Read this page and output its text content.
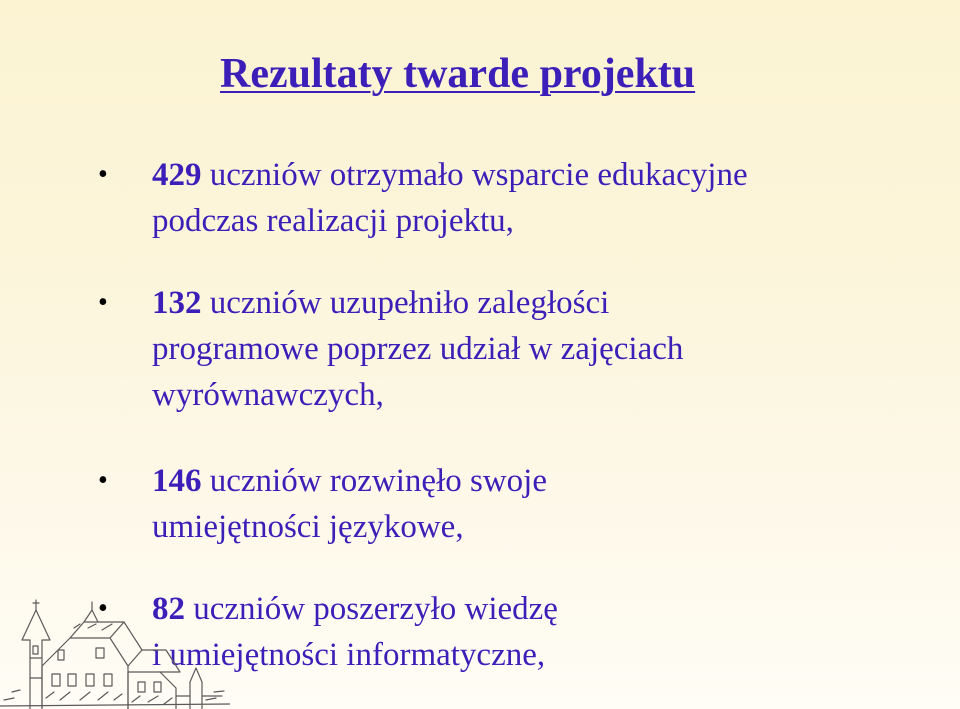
Rezultaty twarde projektu
• 429 uczniów otrzymało wsparcie edukacyjne
podczas realizacji projektu,
• 132 uczniów uzupełniło zaległości
programowe poprzez udział w zajęciach
wyrównawczych,
• 146 uczniów rozwinęło swoje
umiejętności językowe,
• 82 uczniów poszerzyło wiedzę
i umiejętności informatyczne,
